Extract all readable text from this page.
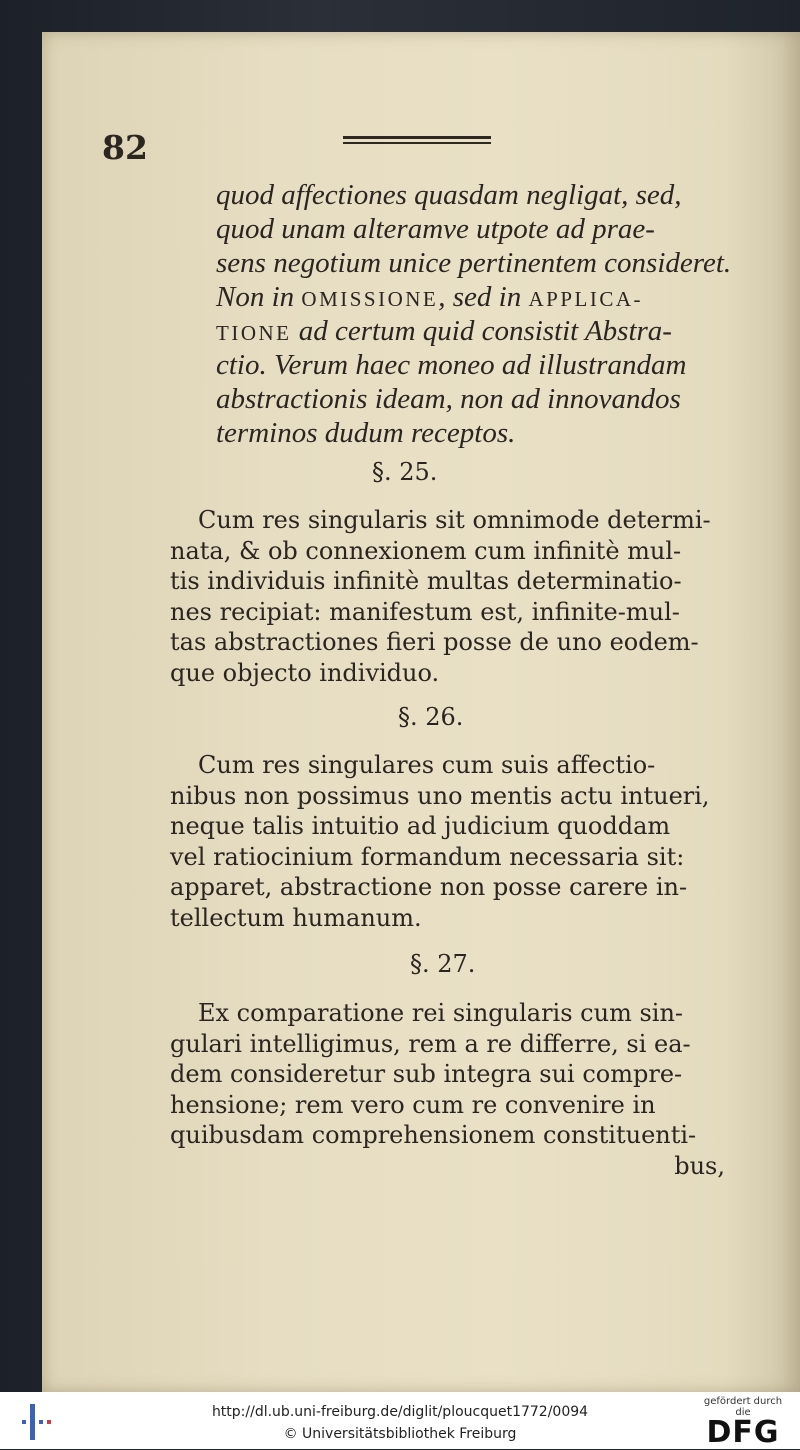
82
quod affectiones quasdam negligat, sed,
quod unam alteramve utpote ad prae-
sens negotium unice pertinentem consideret.
Non in OMISSIONE, sed in APPLICA-
TIONE ad certum quid consistit Abstra-
ctio. Verum haec moneo ad illustrandam
abstractionis ideam, non ad innovandos
terminos dudum receptos.
§. 25.
Cum res singularis sit omnimode determi-
nata, & ob connexionem cum infinitè mul-
tis individuis infinitè multas determinatio-
nes recipiat: manifestum est, infinite-mul-
tas abstractiones fieri posse de uno eodem-
que objecto individuo.
§. 26.
Cum res singulares cum suis affectio-
nibus non possimus uno mentis actu intueri,
neque talis intuitio ad judicium quoddam
vel ratiocinium formandum necessaria sit:
apparet, abstractione non posse carere in-
tellectum humanum.
§. 27.
Ex comparatione rei singularis cum sin-
gulari intelligimus, rem a re differre, si ea-
dem consideretur sub integra sui compre-
hensione; rem vero cum re convenire in
quibusdam comprehensionem constituenti-
bus,
http://dl.ub.uni-freiburg.de/diglit/ploucquet1772/0094
© Universitätsbibliothek Freiburg
gefördert durch die
DFG
